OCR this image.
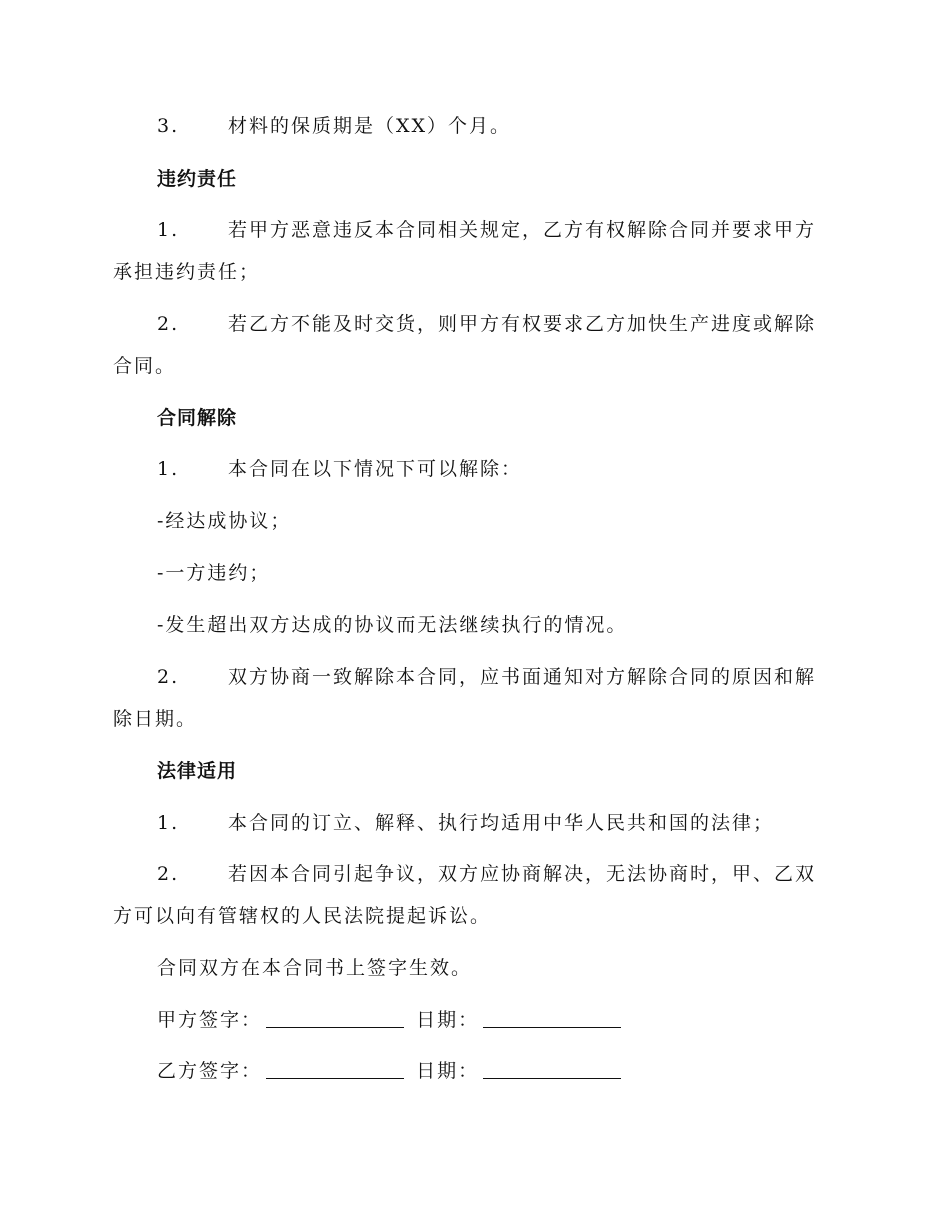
3.	材料的保质期是（XX）个月。
违约责任
1.	若甲方恶意违反本合同相关规定，乙方有权解除合同并要求甲方
承担违约责任；
2.	若乙方不能及时交货，则甲方有权要求乙方加快生产进度或解除
合同。
合同解除
1.	本合同在以下情况下可以解除：
-经达成协议；
-一方违约；
-发生超出双方达成的协议而无法继续执行的情况。
2.	双方协商一致解除本合同，应书面通知对方解除合同的原因和解
除日期。
法律适用
1.	本合同的订立、解释、执行均适用中华人民共和国的法律；
2.	若因本合同引起争议，双方应协商解决，无法协商时，甲、乙双
方可以向有管辖权的人民法院提起诉讼。
合同双方在本合同书上签字生效。
甲方签字：	日期：
乙方签字：	日期：
